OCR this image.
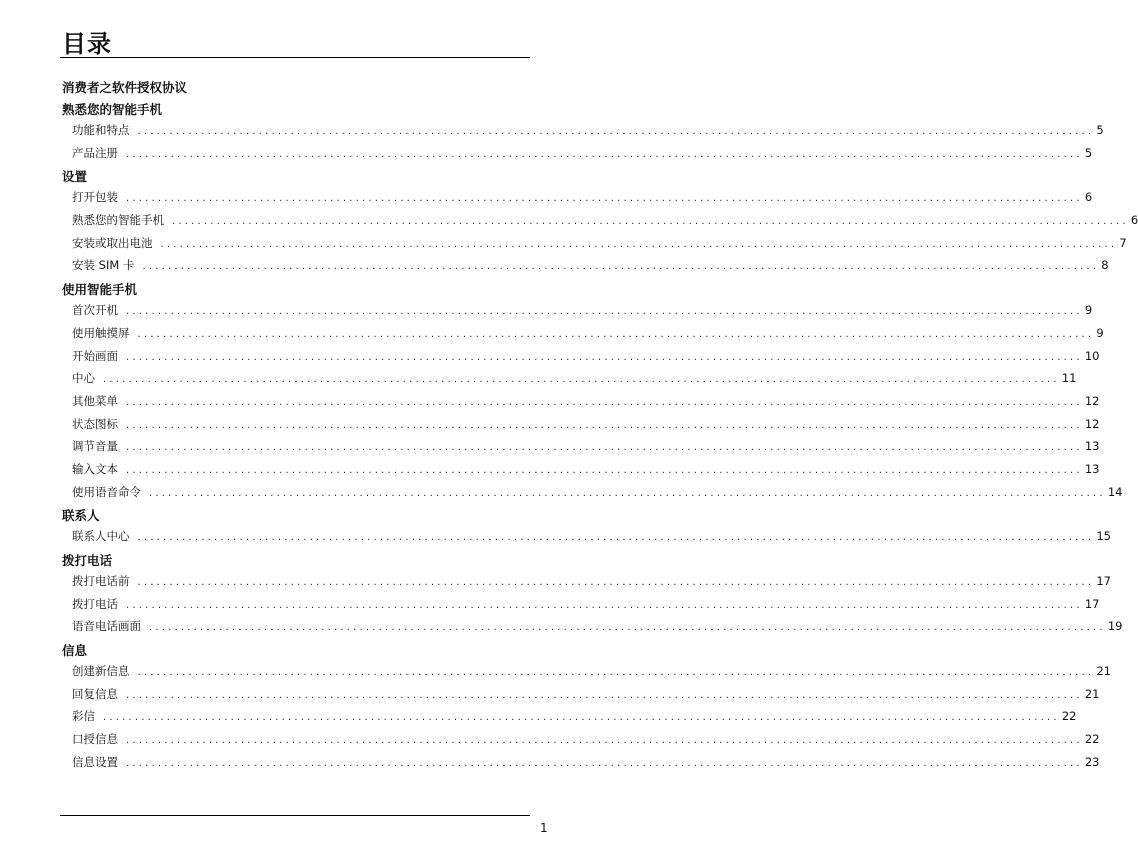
目录
消费者之软件授权协议
熟悉您的智能手机
功能和特点 ...................................................................................................................................................... 5
产品注册 ...................................................................................................................................................... 5
设置
打开包装 ...................................................................................................................................................... 6
熟悉您的智能手机 ...................................................................................................................................................... 6
安装或取出电池 ...................................................................................................................................................... 7
安装 SIM 卡 ...................................................................................................................................................... 8
使用智能手机
首次开机 ...................................................................................................................................................... 9
使用触摸屏 ...................................................................................................................................................... 9
开始画面 ...................................................................................................................................................... 10
中心 ...................................................................................................................................................... 11
其他菜单 ...................................................................................................................................................... 12
状态图标 ...................................................................................................................................................... 12
调节音量 ...................................................................................................................................................... 13
输入文本 ...................................................................................................................................................... 13
使用语音命令 ...................................................................................................................................................... 14
联系人
联系人中心 ...................................................................................................................................................... 15
拨打电话
拨打电话前 ...................................................................................................................................................... 17
拨打电话 ...................................................................................................................................................... 17
语音电话画面 ...................................................................................................................................................... 19
信息
创建新信息 ...................................................................................................................................................... 21
回复信息 ...................................................................................................................................................... 21
彩信 ...................................................................................................................................................... 22
口授信息 ...................................................................................................................................................... 22
信息设置 ...................................................................................................................................................... 23
1
